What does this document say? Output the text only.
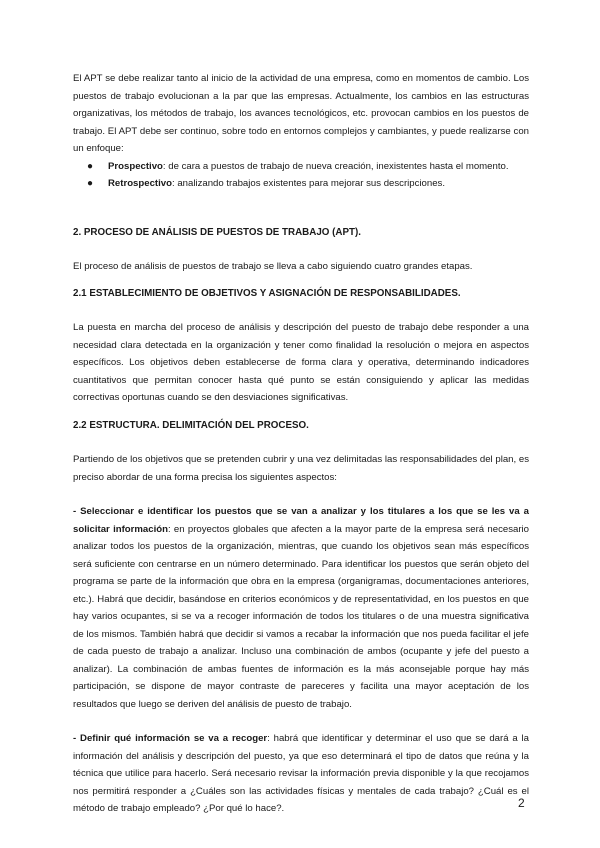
El APT se debe realizar tanto al inicio de la actividad de una empresa, como en momentos de cambio. Los puestos de trabajo evolucionan a la par que las empresas. Actualmente, los cambios en las estructuras organizativas, los métodos de trabajo, los avances tecnológicos, etc. provocan cambios en los puestos de trabajo. El APT debe ser continuo, sobre todo en entornos complejos y cambiantes, y puede realizarse con un enfoque:

● Prospectivo: de cara a puestos de trabajo de nueva creación, inexistentes hasta el momento.
● Retrospectivo: analizando trabajos existentes para mejorar sus descripciones.
2. PROCESO DE ANÁLISIS DE PUESTOS DE TRABAJO (APT).

El proceso de análisis de puestos de trabajo se lleva a cabo siguiendo cuatro grandes etapas.

2.1 ESTABLECIMIENTO DE OBJETIVOS Y ASIGNACIÓN DE RESPONSABILIDADES.

La puesta en marcha del proceso de análisis y descripción del puesto de trabajo debe responder a una necesidad clara detectada en la organización y tener como finalidad la resolución o mejora en aspectos específicos. Los objetivos deben establecerse de forma clara y operativa, determinando indicadores cuantitativos que permitan conocer hasta qué punto se están consiguiendo y aplicar las medidas correctivas oportunas cuando se den desviaciones significativas.

2.2 ESTRUCTURA. DELIMITACIÓN DEL PROCESO.

Partiendo de los objetivos que se pretenden cubrir y una vez delimitadas las responsabilidades del plan, es preciso abordar de una forma precisa los siguientes aspectos:

- Seleccionar e identificar los puestos que se van a analizar y los titulares a los que se les va a solicitar información: en proyectos globales que afecten a la mayor parte de la empresa será necesario analizar todos los puestos de la organización, mientras, que cuando los objetivos sean más específicos será suficiente con centrarse en un número determinado. Para identificar los puestos que serán objeto del programa se parte de la información que obra en la empresa (organigramas, documentaciones anteriores, etc.). Habrá que decidir, basándose en criterios económicos y de representatividad, en los puestos en que hay varios ocupantes, si se va a recoger información de todos los titulares o de una muestra significativa de los mismos. También habrá que decidir si vamos a recabar la información que nos pueda facilitar el jefe de cada puesto de trabajo a analizar. Incluso una combinación de ambos (ocupante y jefe del puesto a analizar). La combinación de ambas fuentes de información es la más aconsejable porque hay más participación, se dispone de mayor contraste de pareceres y facilita una mayor aceptación de los resultados que luego se deriven del análisis de puesto de trabajo.

- Definir qué información se va a recoger: habrá que identificar y determinar el uso que se dará a la información del análisis y descripción del puesto, ya que eso determinará el tipo de datos que reúna y la técnica que utilice para hacerlo. Será necesario revisar la información previa disponible y la que recojamos nos permitirá responder a ¿Cuáles son las actividades físicas y mentales de cada trabajo? ¿Cuál es el método de trabajo empleado? ¿Por qué lo hace?.	2
